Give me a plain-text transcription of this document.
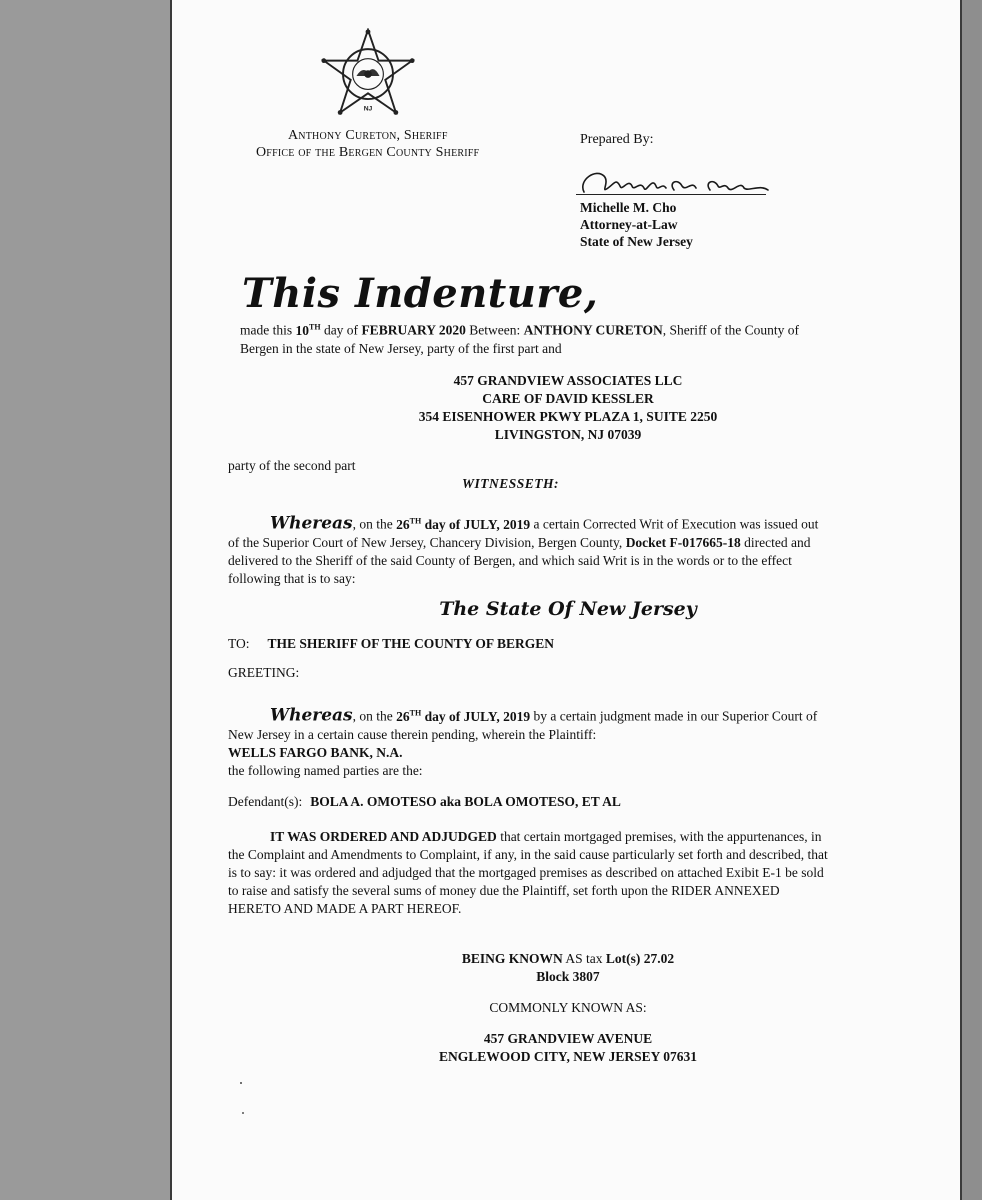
NJ
Anthony Cureton, Sheriff
Office of the Bergen County Sheriff
Prepared By:
Michelle M. Cho
Attorney-at-Law
State of New Jersey
This Indenture,
made this 10TH day of FEBRUARY 2020 Between: ANTHONY CURETON, Sheriff of the County of Bergen in the state of New Jersey, party of the first part and
457 GRANDVIEW ASSOCIATES LLC
CARE OF DAVID KESSLER
354 EISENHOWER PKWY PLAZA 1, SUITE 2250
LIVINGSTON, NJ 07039
party of the second part
WITNESSETH:
Whereas, on the 26TH day of JULY, 2019 a certain Corrected Writ of Execution was issued out of the Superior Court of New Jersey, Chancery Division, Bergen County, Docket F-017665-18 directed and delivered to the Sheriff of the said County of Bergen, and which said Writ is in the words or to the effect following that is to say:
The State Of New Jersey
TO: THE SHERIFF OF THE COUNTY OF BERGEN
GREETING:
Whereas, on the 26TH day of JULY, 2019 by a certain judgment made in our Superior Court of New Jersey in a certain cause therein pending, wherein the Plaintiff:
WELLS FARGO BANK, N.A.
the following named parties are the:
Defendant(s): BOLA A. OMOTESO aka BOLA OMOTESO, ET AL
IT WAS ORDERED AND ADJUDGED that certain mortgaged premises, with the appurtenances, in the Complaint and Amendments to Complaint, if any, in the said cause particularly set forth and described, that is to say: it was ordered and adjudged that the mortgaged premises as described on attached Exibit E-1 be sold to raise and satisfy the several sums of money due the Plaintiff, set forth upon the RIDER ANNEXED HERETO AND MADE A PART HEREOF.
BEING KNOWN AS tax Lot(s) 27.02
Block 3807
COMMONLY KNOWN AS:
457 GRANDVIEW AVENUE
ENGLEWOOD CITY, NEW JERSEY 07631
